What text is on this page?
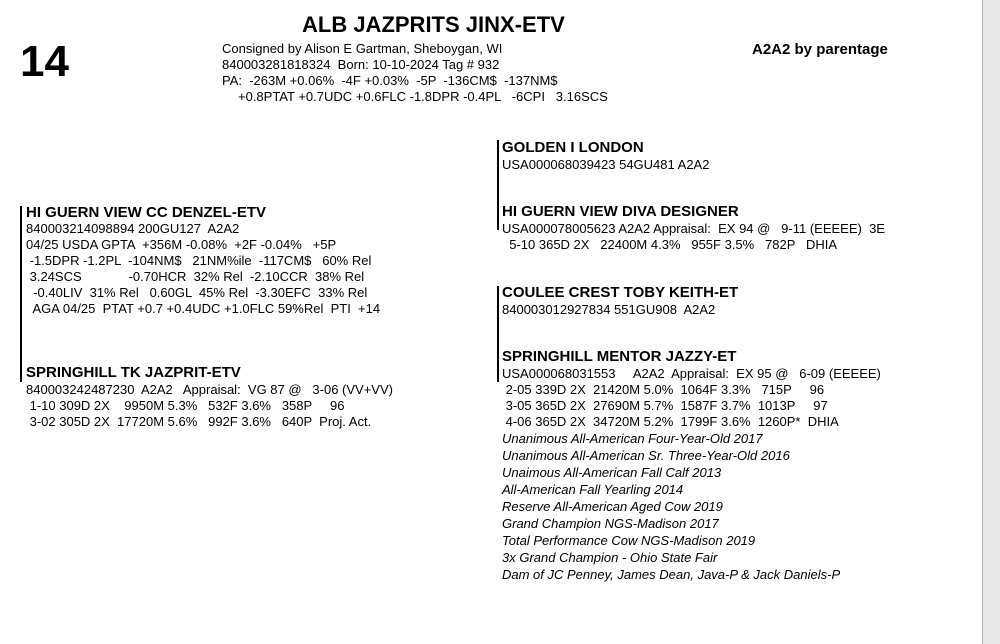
14
ALB JAZPRITS JINX-ETV
A2A2 by parentage
Consigned by Alison E Gartman, Sheboygan, WI
840003281818324  Born: 10-10-2024 Tag # 932
PA:  -263M +0.06%  -4F +0.03%  -5P  -136CM$  -137NM$
+0.8PTAT +0.7UDC +0.6FLC -1.8DPR -0.4PL   -6CPI   3.16SCS
HI GUERN VIEW CC DENZEL-ETV
840003214098894 200GU127  A2A2
04/25 USDA GPTA  +356M -0.08%  +2F -0.04%   +5P
-1.5DPR -1.2PL  -104NM$   21NM%ile  -117CM$   60% Rel
3.24SCS             -0.70HCR  32% Rel  -2.10CCR  38% Rel
-0.40LIV  31% Rel   0.60GL  45% Rel  -3.30EFC  33% Rel
AGA 04/25  PTAT +0.7 +0.4UDC +1.0FLC 59%Rel  PTI  +14
SPRINGHILL TK JAZPRIT-ETV
840003242487230  A2A2   Appraisal:  VG 87 @   3-06 (VV+VV)
1-10 309D 2X    9950M 5.3%   532F 3.6%   358P     96
3-02 305D 2X  17720M 5.6%   992F 3.6%   640P  Proj. Act.
GOLDEN I LONDON
USA000068039423 54GU481 A2A2
HI GUERN VIEW DIVA DESIGNER
USA000078005623 A2A2 Appraisal:  EX 94 @   9-11 (EEEEE)  3E
5-10 365D 2X   22400M 4.3%   955F 3.5%   782P   DHIA
COULEE CREST TOBY KEITH-ET
840003012927834 551GU908  A2A2
SPRINGHILL MENTOR JAZZY-ET
USA000068031553     A2A2  Appraisal:  EX 95 @   6-09 (EEEEE)
2-05 339D 2X  21420M 5.0%  1064F 3.3%   715P     96
3-05 365D 2X  27690M 5.7%  1587F 3.7%  1013P     97
4-06 365D 2X  34720M 5.2%  1799F 3.6%  1260P*  DHIA
Unanimous All-American Four-Year-Old 2017
Unanimous All-American Sr. Three-Year-Old 2016
Unaimous All-American Fall Calf 2013
All-American Fall Yearling 2014
Reserve All-American Aged Cow 2019
Grand Champion NGS-Madison 2017
Total Performance Cow NGS-Madison 2019
3x Grand Champion - Ohio State Fair
Dam of JC Penney, James Dean, Java-P & Jack Daniels-P
